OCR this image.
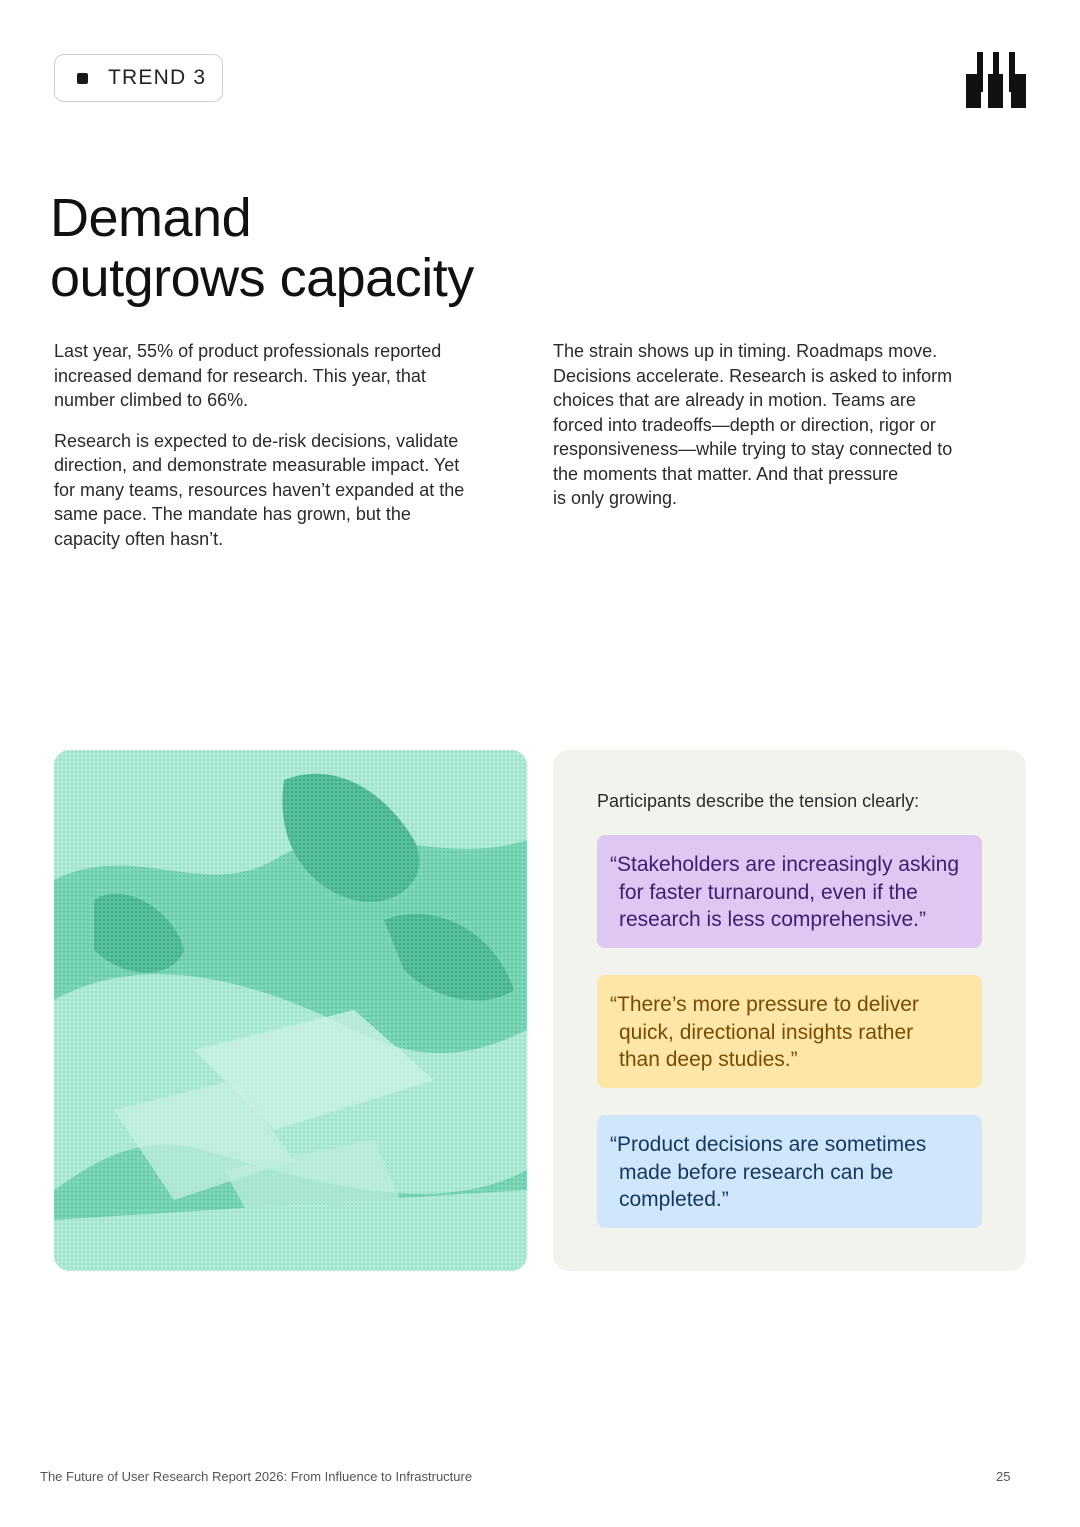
TREND 3
Demand
outgrows capacity

Last year, 55% of product professionals reported
increased demand for research. This year, that
number climbed to 66%.

Research is expected to de-risk decisions, validate
direction, and demonstrate measurable impact. Yet
for many teams, resources haven’t expanded at the
same pace. The mandate has grown, but the
capacity often hasn’t.

The strain shows up in timing. Roadmaps move.
Decisions accelerate. Research is asked to inform
choices that are already in motion. Teams are
forced into tradeoffs—depth or direction, rigor or
responsiveness—while trying to stay connected to
the moments that matter. And that pressure
is only growing.

Participants describe the tension clearly:
“Stakeholders are increasingly asking
for faster turnaround, even if the
research is less comprehensive.”
“There’s more pressure to deliver
quick, directional insights rather
than deep studies.”
“Product decisions are sometimes
made before research can be
completed.”
The Future of User Research Report 2026: From Influence to Infrastructure	25
